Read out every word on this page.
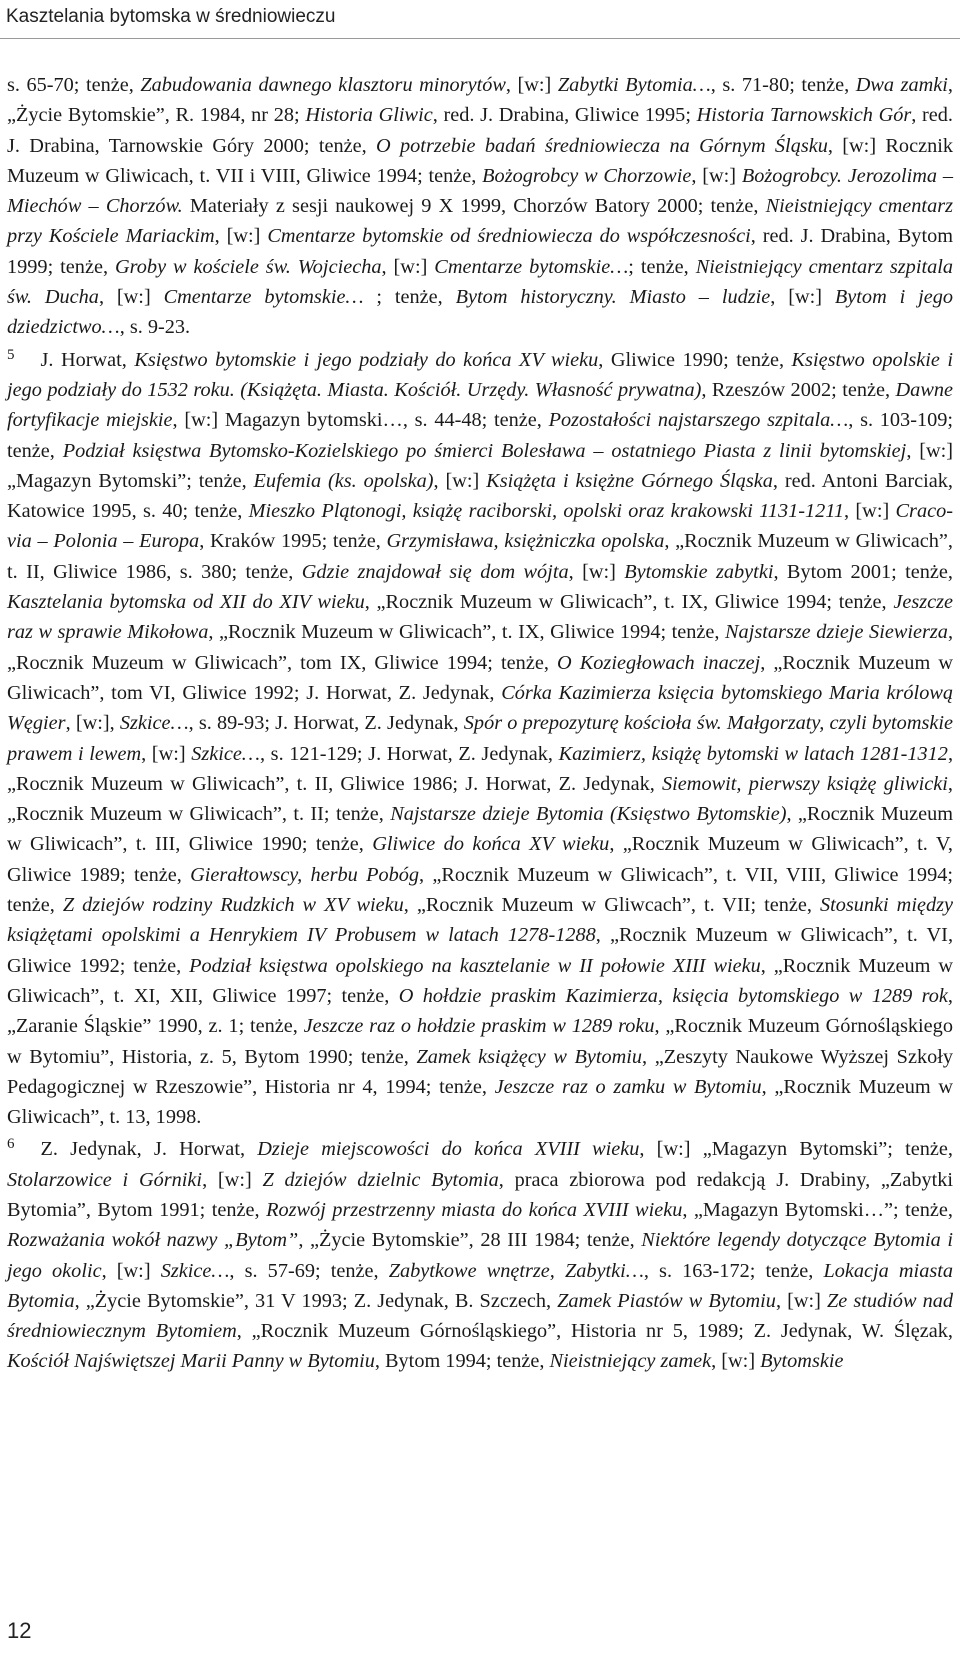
Kasztelania bytomska w średniowieczu

s. 65-70; tenże, Zabudowania dawnego klasztoru minorytów, [w:] Zabytki Bytomia…, s. 71-80; tenże, Dwa zamki, „Życie Bytomskie”, R. 1984, nr 28; Historia Gliwic, red. J. Drabina, Gliwice 1995; Historia Tarnowskich Gór, red. J. Drabina, Tarnowskie Góry 2000; tenże, O potrzebie badań średniowiecza na Górnym Śląsku, [w:] Rocznik Muzeum w Gliwicach, t. VII i VIII, Gliwice 1994; tenże, Bożogrobcy w Chorzowie, [w:] Bożogrobcy. Jerozolima – Miechów – Chorzów. Materiały z sesji naukowej 9 X 1999, Chorzów Batory 2000; tenże, Nieistniejący cmentarz przy Kościele Mariackim, [w:] Cmentarze bytomskie od średniowiecza do współczesności, red. J. Drabina, Bytom 1999; tenże, Groby w kościele św. Wojciecha, [w:] Cmentarze bytomskie…; tenże, Nieistniejący cmentarz szpitala św. Ducha, [w:] Cmentarze bytomskie… ; tenże, Bytom historyczny. Miasto – ludzie, [w:] Bytom i jego dziedzictwo…, s. 9-23.

$^5$ J. Horwat, Księstwo bytomskie i jego podziały do końca XV wieku, Gliwice 1990; tenże, Księstwo opolskie i jego podziały do 1532 roku. (Książęta. Miasta. Kościół. Urzędy. Własność prywatna), Rzeszów 2002; tenże, Dawne fortyfikacje miejskie, [w:] Magazyn bytomski…, s. 44-48; tenże, Pozostałości najstarszego szpitala…, s. 103-109; tenże, Podział księstwa Bytomsko-Kozielskiego po śmierci Bolesława – ostatniego Piasta z linii bytomskiej, [w:] „Magazyn Bytomski”; tenże, Eufemia (ks. opolska), [w:] Książęta i księżne Górnego Śląska, red. Antoni Barciak, Katowice 1995, s. 40; tenże, Mieszko Plątonogi, książę raciborski, opolski oraz krakowski 1131-1211, [w:] Cracovia – Polonia – Europa, Kraków 1995; tenże, Grzymisława, księżniczka opolska, „Rocznik Muzeum w Gliwicach”, t. II, Gliwice 1986, s. 380; tenże, Gdzie znajdował się dom wójta, [w:] Bytomskie zabytki, Bytom 2001; tenże, Kasztelania bytomska od XII do XIV wieku, „Rocznik Muzeum w Gliwicach”, t. IX, Gliwice 1994; tenże, Jeszcze raz w sprawie Mikołowa, „Rocznik Muzeum w Gliwicach”, t. IX, Gliwice 1994; tenże, Najstarsze dzieje Siewierza, „Rocznik Muzeum w Gliwicach”, tom IX, Gliwice 1994; tenże, O Koziegłowach inaczej, „Rocznik Muzeum w Gliwicach”, tom VI, Gliwice 1992; J. Horwat, Z. Jedynak, Córka Kazimierza księcia bytomskiego Maria królową Węgier, [w:], Szkice…, s. 89-93; J. Horwat, Z. Jedynak, Spór o prepozyturę kościoła św. Małgorzaty, czyli bytomskie prawem i lewem, [w:] Szkice…, s. 121-129; J. Horwat, Z. Jedynak, Kazimierz, książę bytomski w latach 1281-1312, „Rocznik Muzeum w Gliwicach”, t. II, Gliwice 1986; J. Horwat, Z. Jedynak, Siemowit, pierwszy książę gliwicki, „Rocznik Muzeum w Gliwicach”, t. II; tenże, Najstarsze dzieje Bytomia (Księstwo Bytomskie), „Rocznik Muzeum w Gliwicach”, t. III, Gliwice 1990; tenże, Gliwice do końca XV wieku, „Rocznik Muzeum w Gliwicach”, t. V, Gliwice 1989; tenże, Gierałtowscy, herbu Pobóg, „Rocznik Muzeum w Gliwicach”, t. VII, VIII, Gliwice 1994; tenże, Z dziejów rodziny Rudzkich w XV wieku, „Rocznik Muzeum w Gliwcach”, t. VII; tenże, Stosunki między książętami opolskimi a Henrykiem IV Probusem w latach 1278-1288, „Rocznik Muzeum w Gliwicach”, t. VI, Gliwice 1992; tenże, Podział księstwa opolskiego na kasztelanie w II połowie XIII wieku, „Rocznik Muzeum w Gliwicach”, t. XI, XII, Gliwice 1997; tenże, O hołdzie praskim Kazimierza, księcia bytomskiego w 1289 rok, „Zaranie Śląskie” 1990, z. 1; tenże, Jeszcze raz o hołdzie praskim w 1289 roku, „Rocznik Muzeum Górnośląskiego w Bytomiu”, Historia, z. 5, Bytom 1990; tenże, Zamek książęcy w Bytomiu, „Zeszyty Naukowe Wyższej Szkoły Pedagogicznej w Rzeszowie”, Historia nr 4, 1994; tenże, Jeszcze raz o zamku w Bytomiu, „Rocznik Muzeum w Gliwicach”, t. 13, 1998.

$^6$ Z. Jedynak, J. Horwat, Dzieje miejscowości do końca XVIII wieku, [w:] „Magazyn Bytomski”; tenże, Stolarzowice i Górniki, [w:] Z dziejów dzielnic Bytomia, praca zbiorowa pod redakcją J. Drabiny, „Zabytki Bytomia”, Bytom 1991; tenże, Rozwój przestrzenny miasta do końca XVIII wieku, „Magazyn Bytomski…”; tenże, Rozważania wokół nazwy „Bytom”, „Życie Bytomskie”, 28 III 1984; tenże, Niektóre legendy dotyczące Bytomia i jego okolic, [w:] Szkice…, s. 57-69; tenże, Zabytkowe wnętrze, Zabytki…, s. 163-172; tenże, Lokacja miasta Bytomia, „Życie Bytomskie”, 31 V 1993; Z. Jedynak, B. Szczech, Zamek Piastów w Bytomiu, [w:] Ze studiów nad średniowiecznym Bytomiem, „Rocznik Muzeum Górnośląskiego”, Historia nr 5, 1989; Z. Jedynak, W. Ślęzak, Kościół Najświętszej Marii Panny w Bytomiu, Bytom 1994; tenże, Nieistniejący zamek, [w:] Bytomskie

12
